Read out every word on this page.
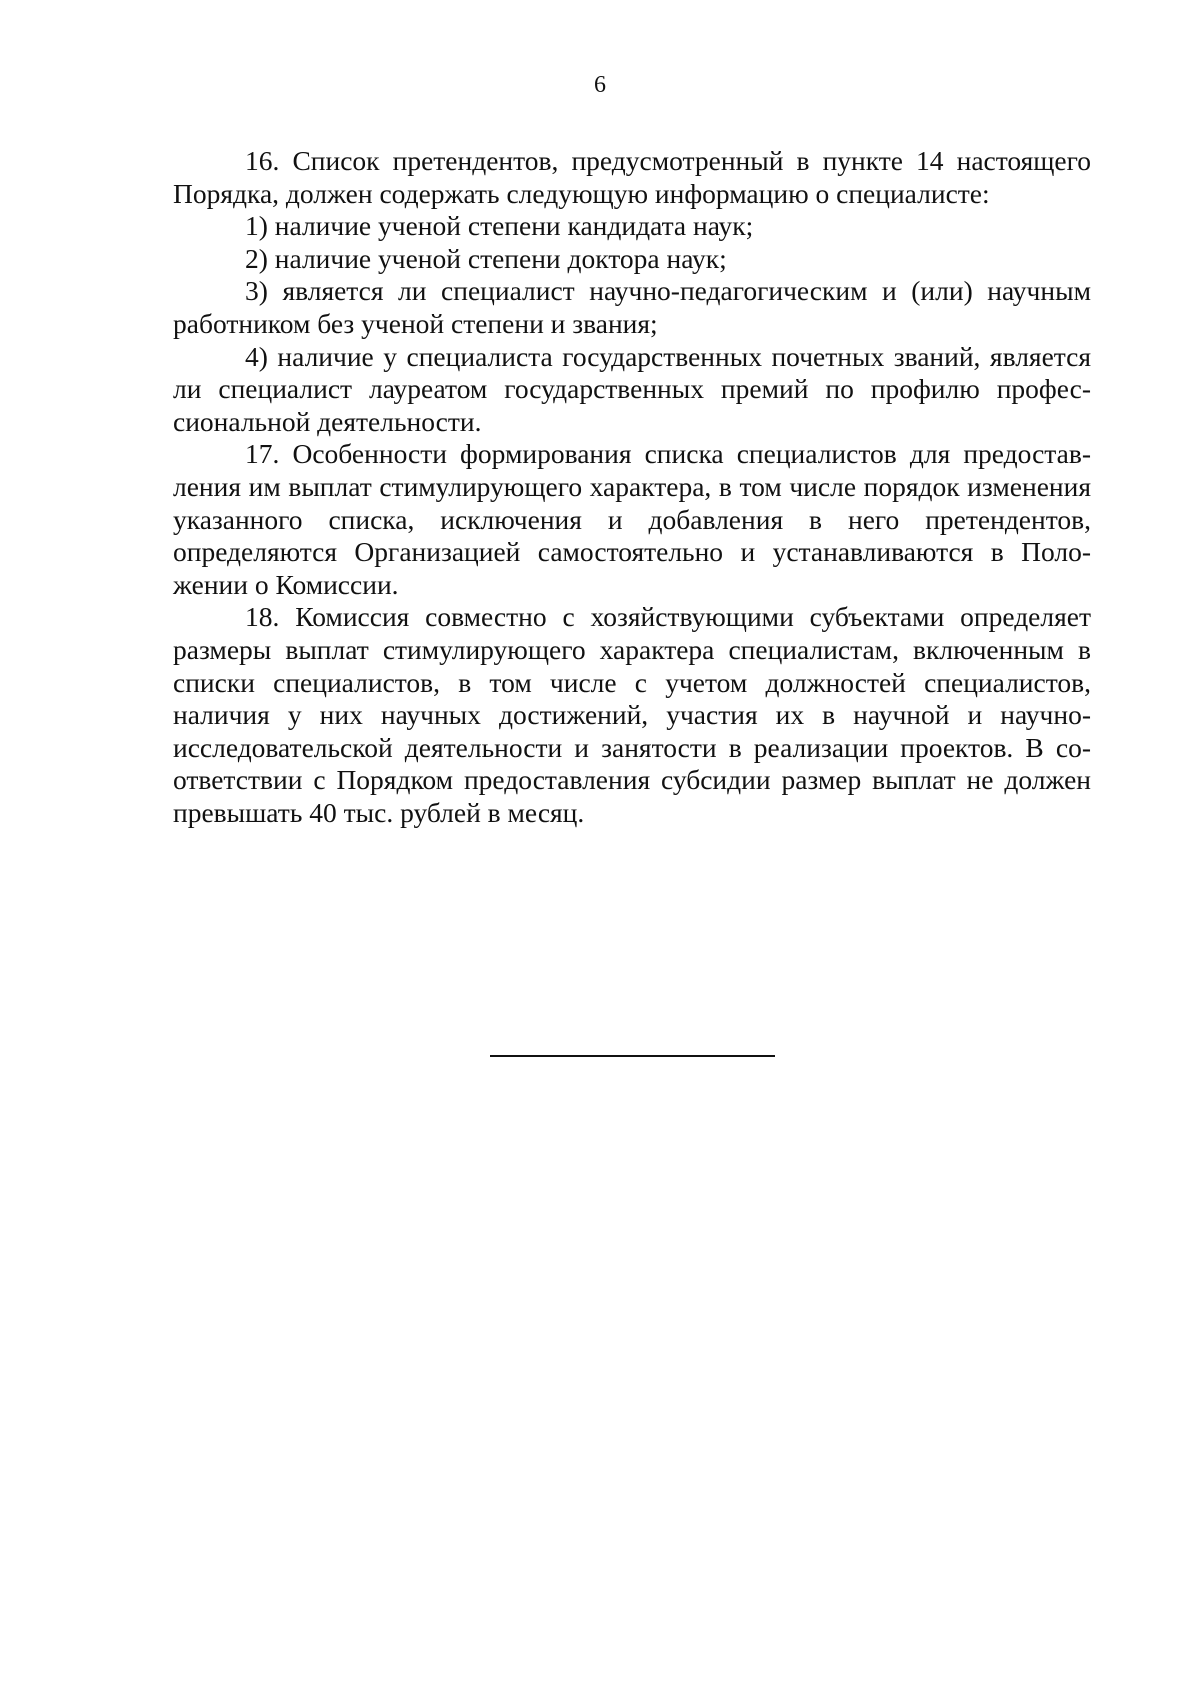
6

16. Список претендентов, предусмотренный в пункте 14 настоящего Порядка, должен содержать следующую информацию о специалисте:

1) наличие ученой степени кандидата наук;

2) наличие ученой степени доктора наук;

3) является ли специалист научно-педагогическим и (или) научным работником без ученой степени и звания;

4) наличие у специалиста государственных почетных званий, является ли специалист лауреатом государственных премий по профилю профессиональной деятельности.

17. Особенности формирования списка специалистов для предоставления им выплат стимулирующего характера, в том числе порядок изменения указанного списка, исключения и добавления в него претендентов, определяются Организацией самостоятельно и устанавливаются в Положении о Комиссии.

18. Комиссия совместно с хозяйствующими субъектами определяет размеры выплат стимулирующего характера специалистам, включенным в списки специалистов, в том числе с учетом должностей специалистов, наличия у них научных достижений, участия их в научной и научно-исследовательской деятельности и занятости в реализации проектов. В соответствии с Порядком предоставления субсидии размер выплат не должен превышать 40 тыс. рублей в месяц.
